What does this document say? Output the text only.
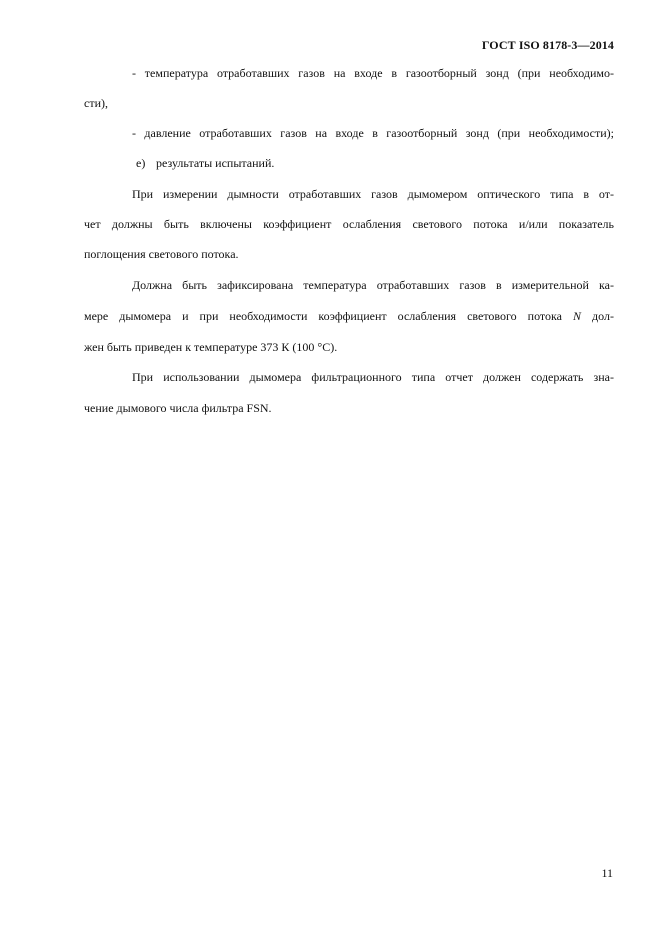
ГОСТ ISO 8178-3—2014
- температура отработавших газов на входе в газоотборный зонд (при необходимо-
сти),
- давление отработавших газов на входе в газоотборный зонд (при необходимости);
е) результаты испытаний.
При измерении дымности отработавших газов дымомером оптического типа в от-
чет должны быть включены коэффициент ослабления светового потока и/или показатель
поглощения светового потока.
Должна быть зафиксирована температура отработавших газов в измерительной ка-
мере дымомера и при необходимости коэффициент ослабления светового потока N дол-
жен быть приведен к температуре 373 К (100 °С).
При использовании дымомера фильтрационного типа отчет должен содержать зна-
чение дымового числа фильтра FSN.
11
